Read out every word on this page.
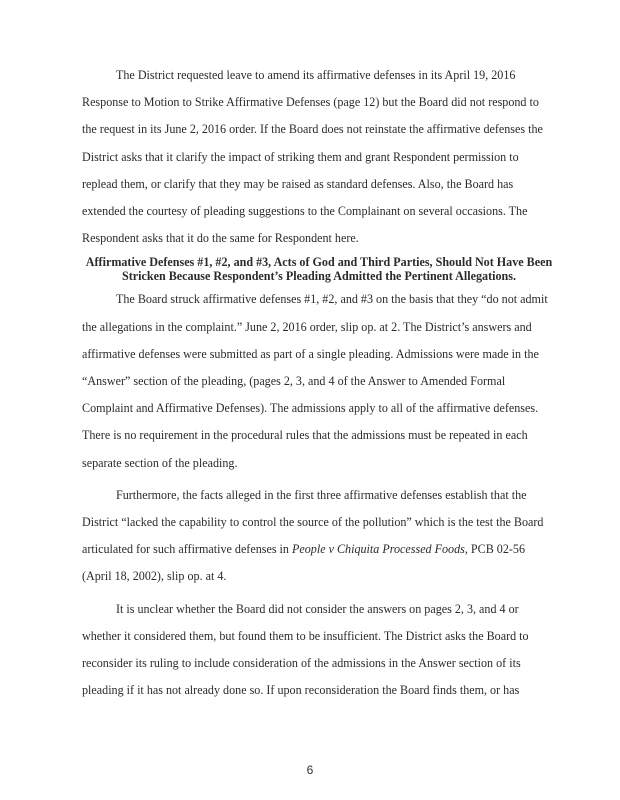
The District requested leave to amend its affirmative defenses in its April 19, 2016 Response to Motion to Strike Affirmative Defenses (page 12) but the Board did not respond to the request in its June 2, 2016 order. If the Board does not reinstate the affirmative defenses the District asks that it clarify the impact of striking them and grant Respondent permission to replead them, or clarify that they may be raised as standard defenses. Also, the Board has extended the courtesy of pleading suggestions to the Complainant on several occasions. The Respondent asks that it do the same for Respondent here.

Affirmative Defenses #1, #2, and #3, Acts of God and Third Parties, Should Not Have Been
Stricken Because Respondent’s Pleading Admitted the Pertinent Allegations.

The Board struck affirmative defenses #1, #2, and #3 on the basis that they “do not admit the allegations in the complaint.” June 2, 2016 order, slip op. at 2. The District’s answers and affirmative defenses were submitted as part of a single pleading. Admissions were made in the “Answer” section of the pleading, (pages 2, 3, and 4 of the Answer to Amended Formal Complaint and Affirmative Defenses). The admissions apply to all of the affirmative defenses. There is no requirement in the procedural rules that the admissions must be repeated in each separate section of the pleading.

Furthermore, the facts alleged in the first three affirmative defenses establish that the District “lacked the capability to control the source of the pollution” which is the test the Board articulated for such affirmative defenses in People v Chiquita Processed Foods, PCB 02-56 (April 18, 2002), slip op. at 4.

It is unclear whether the Board did not consider the answers on pages 2, 3, and 4 or whether it considered them, but found them to be insufficient. The District asks the Board to reconsider its ruling to include consideration of the admissions in the Answer section of its pleading if it has not already done so. If upon reconsideration the Board finds them, or has

6
